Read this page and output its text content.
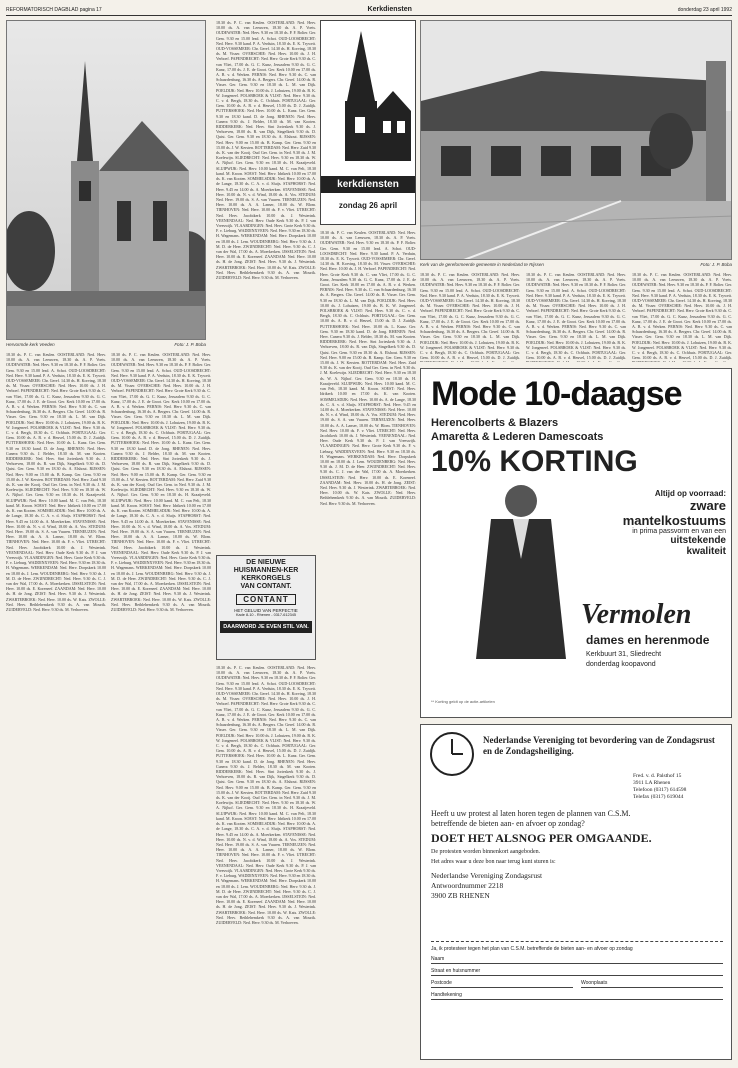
REFORMATORISCH DAGBLAD pagina 17	Kerkdiensten	donderdag 23 april 1992
Hervormde kerk Veeden	Foto: J. P. Boba

18.30 ds. P. C. van Keulen. OOSTERLAND: Ned. Herv. 10.00 ds. A. van Leeuwen, 18.30 ds. A. P. Voets. OUDEWATER: Ned. Herv. 9.30 en 18.30 ds. P. F. Bolier. Ger. Gem. 9.30 en 15.00 lezd. A. Schot. OUD-LOOSDRECHT: Ned. Herv. 9.30 kand. P. A. Verduin, 18.30 ds. E. K. Tryweit. OUD-VOSSEMEER: Chr. Geref. 14.30 ds. H. Korving, 18.30 ds. M. Visser. OVERSCHIE: Ned. Herv. 10.00 ds. J. H. Verboef. PAPENDRECHT: Ned. Herv. Grote Kerk 9.30 ds. C. van Vliet, 17.00 ds. G. C. Kunz, Jeruzalem 9.30 ds. G. C. Kunz, 17.00 ds. J. E. de Groot. Ger. Kerk 10.00 en 17.00 ds. A. B. v. d. Werken. PERNIS: Ned. Herv. 9.30 ds. C. van Schaardenburg, 16.30 ds. A. Bergers. Chr. Geref. 14.00 ds. R. Visser. Ger. Gem. 9.30 en 18.30 ds. L. M. van Dijk. POELDIJK: Ned. Herv. 10.00 ds. J. Lohuizen, 19.00 ds. B. K. W. Jongeneel. POLSBROEK & VLIST: Ned. Herv. 9.30 ds. C. v. d. Bergh, 18.30 ds. C. Ochhuis. PORTUGAAL: Ger. Gem. 10.00 ds. A. B. v. d. Heuvel, 15.00 ds. D. J. Zuidijk. PUTTERSHOEK: Ned. Herv. 10.00 ds. L. Kunz. Ger. Gem. 9.30 en 18.30 kand. D. de Jong. RHENEN: Ned. Herv. Cunera 9.30 ds. J. Belder, 18.30 ds. M. van Kooten. RIDDERKERK: Ned. Herv. Sint Jorieskerk 9.30 ds. J. Verhoeven, 18.00 ds. R. van Dijk, Singelkerk 9.30 ds. D. Quist. Ger. Gem. 9.30 en 18.30 ds. A. Elshout. RIJSSEN: Ned. Herv. 9.00 en 15.00 ds. B. Kamp. Ger. Gem. 9.30 en 15.00 ds. J. W. Kersten. ROTTERDAM: Ned. Herv. Zuid 9.30 ds. K. van der Kooij. Oud Ger. Gem. in Ned. 9.30 ds. J. M. Koelewijn. SLIEDRECHT: Ned. Herv. 9.30 en 18.30 ds. W. A. Nijhof. Ger. Gem. 9.30 en 18.30 ds. H. Kraaijeveld. SLUIPWIJK: Ned. Herv. 10.00 kand. M. C. van Pelt, 18.30 kand. M. Kroon. SOEST: Ned. Herv. Idrikerk 10.00 en 17.00 ds. K. van Kooten. SOMMELSDIJK: Ned. Herv. 10.00 ds. A. de Lange, 18.30 ds. C. A. v. d. Sluijs. STAPHORST: Ned. Herv. 9.45 en 14.00 ds. A. Moerkerken. STAVENISSE: Ned. Herv. 10.00 ds. N. v. d. Wind, 18.00 ds. A. Vos. STEDUM: Ned. Herv. 19.00 ds. S. A. van Vuuren. TERNEUZEN: Ned. Herv. 10.00 ds. A. A. Lanser, 18.00 ds. W. Blom. TIENHOVEN: Ned. Herv. 10.00 ds. F. v. Vliet. UTRECHT: Ned. Herv. Jacobikerk 10.00 ds. J. Westerink. VEENENDAAL: Ned. Herv. Oude Kerk 9.30 ds. P. J. van Vreeswijk. VLAARDINGEN: Ned. Herv. Grote Kerk 9.30 ds. F. v. Lieburg. WADDINXVEEN: Ned. Herv. 9.30 en 18.30 ds. H. Wagemans. WERKENDAM: Ned. Herv. Dorpskerk 10.00 en 18.00 ds. J. Lem. WOUDENBERG: Ned. Herv. 9.30 ds. J. M. D. de Heer. ZWIJNDRECHT: Ned. Herv. 9.30 ds. C. J. van der Wal, 17.00 ds. A. Moerkerken. IJSSELSTEIN: Ned. Herv. 10.00 ds. E. Koreneef. ZAANDAM: Ned. Herv. 10.00 ds. H. de Jong. ZEIST: Ned. Herv. 9.30 ds. J. Westerink. ZWARTEBROEK: Ned. Herv. 10.00 ds. W. Kats. ZWOLLE: Ned. Herv. Bethlehemkerk 9.30 ds. A. van Mourik. ZUIDERVELD: Ned. Herv. 9.30 ds. M. Verhoeven.

18.30 ds. P. C. van Keulen. OOSTERLAND: Ned. Herv. 10.00 ds. A. van Leeuwen, 18.30 ds. A. P. Voets. OUDEWATER: Ned. Herv. 9.30 en 18.30 ds. P. F. Bolier. Ger. Gem. 9.30 en 15.00 lezd. A. Schot. OUD-LOOSDRECHT: Ned. Herv. 9.30 kand. P. A. Verduin, 18.30 ds. E. K. Tryweit. OUD-VOSSEMEER: Chr. Geref. 14.30 ds. H. Korving, 18.30 ds. M. Visser. OVERSCHIE: Ned. Herv. 10.00 ds. J. H. Verboef. PAPENDRECHT: Ned. Herv. Grote Kerk 9.30 ds. C. van Vliet, 17.00 ds. G. C. Kunz, Jeruzalem 9.30 ds. G. C. Kunz, 17.00 ds. J. E. de Groot. Ger. Kerk 10.00 en 17.00 ds. A. B. v. d. Werken. PERNIS: Ned. Herv. 9.30 ds. C. van Schaardenburg, 16.30 ds. A. Bergers. Chr. Geref. 14.00 ds. R. Visser. Ger. Gem. 9.30 en 18.30 ds. L. M. van Dijk. POELDIJK: Ned. Herv. 10.00 ds. J. Lohuizen, 19.00 ds. B. K. W. Jongeneel. POLSBROEK & VLIST: Ned. Herv. 9.30 ds. C. v. d. Bergh, 18.30 ds. C. Ochhuis. PORTUGAAL: Ger. Gem. 10.00 ds. A. B. v. d. Heuvel, 15.00 ds. D. J. Zuidijk. PUTTERSHOEK: Ned. Herv. 10.00 ds. L. Kunz. Ger. Gem. 9.30 en 18.30 kand. D. de Jong. RHENEN: Ned. Herv. Cunera 9.30 ds. J. Belder, 18.30 ds. M. van Kooten. RIDDERKERK: Ned. Herv. Sint Jorieskerk 9.30 ds. J. Verhoeven, 18.00 ds. R. van Dijk, Singelkerk 9.30 ds. D. Quist. Ger. Gem. 9.30 en 18.30 ds. A. Elshout. RIJSSEN: Ned. Herv. 9.00 en 15.00 ds. B. Kamp. Ger. Gem. 9.30 en 15.00 ds. J. W. Kersten. ROTTERDAM: Ned. Herv. Zuid 9.30 ds. K. van der Kooij. Oud Ger. Gem. in Ned. 9.30 ds. J. M. Koelewijn. SLIEDRECHT: Ned. Herv. 9.30 en 18.30 ds. W. A. Nijhof. Ger. Gem. 9.30 en 18.30 ds. H. Kraaijeveld. SLUIPWIJK: Ned. Herv. 10.00 kand. M. C. van Pelt, 18.30 kand. M. Kroon. SOEST: Ned. Herv. Idrikerk 10.00 en 17.00 ds. K. van Kooten. SOMMELSDIJK: Ned. Herv. 10.00 ds. A. de Lange, 18.30 ds. C. A. v. d. Sluijs. STAPHORST: Ned. Herv. 9.45 en 14.00 ds. A. Moerkerken. STAVENISSE: Ned. Herv. 10.00 ds. N. v. d. Wind, 18.00 ds. A. Vos. STEDUM: Ned. Herv. 19.00 ds. S. A. van Vuuren. TERNEUZEN: Ned. Herv. 10.00 ds. A. A. Lanser, 18.00 ds. W. Blom. TIENHOVEN: Ned. Herv. 10.00 ds. F. v. Vliet. UTRECHT: Ned. Herv. Jacobikerk 10.00 ds. J. Westerink. VEENENDAAL: Ned. Herv. Oude Kerk 9.30 ds. P. J. van Vreeswijk. VLAARDINGEN: Ned. Herv. Grote Kerk 9.30 ds. F. v. Lieburg. WADDINXVEEN: Ned. Herv. 9.30 en 18.30 ds. H. Wagemans. WERKENDAM: Ned. Herv. Dorpskerk 10.00 en 18.00 ds. J. Lem. WOUDENBERG: Ned. Herv. 9.30 ds. J. M. D. de Heer. ZWIJNDRECHT: Ned. Herv. 9.30 ds. C. J. van der Wal, 17.00 ds. A. Moerkerken. IJSSELSTEIN: Ned. Herv. 10.00 ds. E. Koreneef. ZAANDAM: Ned. Herv. 10.00 ds. H. de Jong. ZEIST: Ned. Herv. 9.30 ds. J. Westerink. ZWARTEBROEK: Ned. Herv. 10.00 ds. W. Kats. ZWOLLE: Ned. Herv. Bethlehemkerk 9.30 ds. A. van Mourik. ZUIDERVELD: Ned. Herv. 9.30 ds. M. Verhoeven.

18.30 ds. P. C. van Keulen. OOSTERLAND: Ned. Herv. 10.00 ds. A. van Leeuwen, 18.30 ds. A. P. Voets. OUDEWATER: Ned. Herv. 9.30 en 18.30 ds. P. F. Bolier. Ger. Gem. 9.30 en 15.00 lezd. A. Schot. OUD-LOOSDRECHT: Ned. Herv. 9.30 kand. P. A. Verduin, 18.30 ds. E. K. Tryweit. OUD-VOSSEMEER: Chr. Geref. 14.30 ds. H. Korving, 18.30 ds. M. Visser. OVERSCHIE: Ned. Herv. 10.00 ds. J. H. Verboef. PAPENDRECHT: Ned. Herv. Grote Kerk 9.30 ds. C. van Vliet, 17.00 ds. G. C. Kunz, Jeruzalem 9.30 ds. G. C. Kunz, 17.00 ds. J. E. de Groot. Ger. Kerk 10.00 en 17.00 ds. A. B. v. d. Werken. PERNIS: Ned. Herv. 9.30 ds. C. van Schaardenburg, 16.30 ds. A. Bergers. Chr. Geref. 14.00 ds. R. Visser. Ger. Gem. 9.30 en 18.30 ds. L. M. van Dijk. POELDIJK: Ned. Herv. 10.00 ds. J. Lohuizen, 19.00 ds. B. K. W. Jongeneel. POLSBROEK & VLIST: Ned. Herv. 9.30 ds. C. v. d. Bergh, 18.30 ds. C. Ochhuis. PORTUGAAL: Ger. Gem. 10.00 ds. A. B. v. d. Heuvel, 15.00 ds. D. J. Zuidijk. PUTTERSHOEK: Ned. Herv. 10.00 ds. L. Kunz. Ger. Gem. 9.30 en 18.30 kand. D. de Jong. RHENEN: Ned. Herv. Cunera 9.30 ds. J. Belder, 18.30 ds. M. van Kooten. RIDDERKERK: Ned. Herv. Sint Jorieskerk 9.30 ds. J. Verhoeven, 18.00 ds. R. van Dijk, Singelkerk 9.30 ds. D. Quist. Ger. Gem. 9.30 en 18.30 ds. A. Elshout. RIJSSEN: Ned. Herv. 9.00 en 15.00 ds. B. Kamp. Ger. Gem. 9.30 en 15.00 ds. J. W. Kersten. ROTTERDAM: Ned. Herv. Zuid 9.30 ds. K. van der Kooij. Oud Ger. Gem. in Ned. 9.30 ds. J. M. Koelewijn. SLIEDRECHT: Ned. Herv. 9.30 en 18.30 ds. W. A. Nijhof. Ger. Gem. 9.30 en 18.30 ds. H. Kraaijeveld. SLUIPWIJK: Ned. Herv. 10.00 kand. M. C. van Pelt, 18.30 kand. M. Kroon. SOEST: Ned. Herv. Idrikerk 10.00 en 17.00 ds. K. van Kooten. SOMMELSDIJK: Ned. Herv. 10.00 ds. A. de Lange, 18.30 ds. C. A. v. d. Sluijs. STAPHORST: Ned. Herv. 9.45 en 14.00 ds. A. Moerkerken. STAVENISSE: Ned. Herv. 10.00 ds. N. v. d. Wind, 18.00 ds. A. Vos. STEDUM: Ned. Herv. 19.00 ds. S. A. van Vuuren. TERNEUZEN: Ned. Herv. 10.00 ds. A. A. Lanser, 18.00 ds. W. Blom. TIENHOVEN: Ned. Herv. 10.00 ds. F. v. Vliet. UTRECHT: Ned. Herv. Jacobikerk 10.00 ds. J. Westerink. VEENENDAAL: Ned. Herv. Oude Kerk 9.30 ds. P. J. van Vreeswijk. VLAARDINGEN: Ned. Herv. Grote Kerk 9.30 ds. F. v. Lieburg. WADDINXVEEN: Ned. Herv. 9.30 en 18.30 ds. H. Wagemans. WERKENDAM: Ned. Herv. Dorpskerk 10.00 en 18.00 ds. J. Lem. WOUDENBERG: Ned. Herv. 9.30 ds. J. M. D. de Heer. ZWIJNDRECHT: Ned. Herv. 9.30 ds. C. J. van der Wal, 17.00 ds. A. Moerkerken. IJSSELSTEIN: Ned. Herv. 10.00 ds. E. Koreneef. ZAANDAM: Ned. Herv. 10.00 ds. H. de Jong. ZEIST: Ned. Herv. 9.30 ds. J. Westerink. ZWARTEBROEK: Ned. Herv. 10.00 ds. W. Kats. ZWOLLE: Ned. Herv. Bethlehemkerk 9.30 ds. A. van Mourik. ZUIDERVELD: Ned. Herv. 9.30 ds. M. Verhoeven.

DE NIEUWE
HUISMANNEN-KER
KERKORGELS
VAN CONTANT.
CONTANT
HET GELUID VAN PERFECTIE
Kade 8-10 - Rhenen - 0317-612345
DAARWORD JE EVEN STIL VAN.

18.30 ds. P. C. van Keulen. OOSTERLAND: Ned. Herv. 10.00 ds. A. van Leeuwen, 18.30 ds. A. P. Voets. OUDEWATER: Ned. Herv. 9.30 en 18.30 ds. P. F. Bolier. Ger. Gem. 9.30 en 15.00 lezd. A. Schot. OUD-LOOSDRECHT: Ned. Herv. 9.30 kand. P. A. Verduin, 18.30 ds. E. K. Tryweit. OUD-VOSSEMEER: Chr. Geref. 14.30 ds. H. Korving, 18.30 ds. M. Visser. OVERSCHIE: Ned. Herv. 10.00 ds. J. H. Verboef. PAPENDRECHT: Ned. Herv. Grote Kerk 9.30 ds. C. van Vliet, 17.00 ds. G. C. Kunz, Jeruzalem 9.30 ds. G. C. Kunz, 17.00 ds. J. E. de Groot. Ger. Kerk 10.00 en 17.00 ds. A. B. v. d. Werken. PERNIS: Ned. Herv. 9.30 ds. C. van Schaardenburg, 16.30 ds. A. Bergers. Chr. Geref. 14.00 ds. R. Visser. Ger. Gem. 9.30 en 18.30 ds. L. M. van Dijk. POELDIJK: Ned. Herv. 10.00 ds. J. Lohuizen, 19.00 ds. B. K. W. Jongeneel. POLSBROEK & VLIST: Ned. Herv. 9.30 ds. C. v. d. Bergh, 18.30 ds. C. Ochhuis. PORTUGAAL: Ger. Gem. 10.00 ds. A. B. v. d. Heuvel, 15.00 ds. D. J. Zuidijk. PUTTERSHOEK: Ned. Herv. 10.00 ds. L. Kunz. Ger. Gem. 9.30 en 18.30 kand. D. de Jong. RHENEN: Ned. Herv. Cunera 9.30 ds. J. Belder, 18.30 ds. M. van Kooten. RIDDERKERK: Ned. Herv. Sint Jorieskerk 9.30 ds. J. Verhoeven, 18.00 ds. R. van Dijk, Singelkerk 9.30 ds. D. Quist. Ger. Gem. 9.30 en 18.30 ds. A. Elshout. RIJSSEN: Ned. Herv. 9.00 en 15.00 ds. B. Kamp. Ger. Gem. 9.30 en 15.00 ds. J. W. Kersten. ROTTERDAM: Ned. Herv. Zuid 9.30 ds. K. van der Kooij. Oud Ger. Gem. in Ned. 9.30 ds. J. M. Koelewijn. SLIEDRECHT: Ned. Herv. 9.30 en 18.30 ds. W. A. Nijhof. Ger. Gem. 9.30 en 18.30 ds. H. Kraaijeveld. SLUIPWIJK: Ned. Herv. 10.00 kand. M. C. van Pelt, 18.30 kand. M. Kroon. SOEST: Ned. Herv. Idrikerk 10.00 en 17.00 ds. K. van Kooten. SOMMELSDIJK: Ned. Herv. 10.00 ds. A. de Lange, 18.30 ds. C. A. v. d. Sluijs. STAPHORST: Ned. Herv. 9.45 en 14.00 ds. A. Moerkerken. STAVENISSE: Ned. Herv. 10.00 ds. N. v. d. Wind, 18.00 ds. A. Vos. STEDUM: Ned. Herv. 19.00 ds. S. A. van Vuuren. TERNEUZEN: Ned. Herv. 10.00 ds. A. A. Lanser, 18.00 ds. W. Blom. TIENHOVEN: Ned. Herv. 10.00 ds. F. v. Vliet. UTRECHT: Ned. Herv. Jacobikerk 10.00 ds. J. Westerink. VEENENDAAL: Ned. Herv. Oude Kerk 9.30 ds. P. J. van Vreeswijk. VLAARDINGEN: Ned. Herv. Grote Kerk 9.30 ds. F. v. Lieburg. WADDINXVEEN: Ned. Herv. 9.30 en 18.30 ds. H. Wagemans. WERKENDAM: Ned. Herv. Dorpskerk 10.00 en 18.00 ds. J. Lem. WOUDENBERG: Ned. Herv. 9.30 ds. J. M. D. de Heer. ZWIJNDRECHT: Ned. Herv. 9.30 ds. C. J. van der Wal, 17.00 ds. A. Moerkerken. IJSSELSTEIN: Ned. Herv. 10.00 ds. E. Koreneef. ZAANDAM: Ned. Herv. 10.00 ds. H. de Jong. ZEIST: Ned. Herv. 9.30 ds. J. Westerink. ZWARTEBROEK: Ned. Herv. 10.00 ds. W. Kats. ZWOLLE: Ned. Herv. Bethlehemkerk 9.30 ds. A. van Mourik. ZUIDERVELD: Ned. Herv. 9.30 ds. M. Verhoeven.

kerkdiensten
zondag 26 april

18.30 ds. P. C. van Keulen. OOSTERLAND: Ned. Herv. 10.00 ds. A. van Leeuwen, 18.30 ds. A. P. Voets. OUDEWATER: Ned. Herv. 9.30 en 18.30 ds. P. F. Bolier. Ger. Gem. 9.30 en 15.00 lezd. A. Schot. OUD-LOOSDRECHT: Ned. Herv. 9.30 kand. P. A. Verduin, 18.30 ds. E. K. Tryweit. OUD-VOSSEMEER: Chr. Geref. 14.30 ds. H. Korving, 18.30 ds. M. Visser. OVERSCHIE: Ned. Herv. 10.00 ds. J. H. Verboef. PAPENDRECHT: Ned. Herv. Grote Kerk 9.30 ds. C. van Vliet, 17.00 ds. G. C. Kunz, Jeruzalem 9.30 ds. G. C. Kunz, 17.00 ds. J. E. de Groot. Ger. Kerk 10.00 en 17.00 ds. A. B. v. d. Werken. PERNIS: Ned. Herv. 9.30 ds. C. van Schaardenburg, 16.30 ds. A. Bergers. Chr. Geref. 14.00 ds. R. Visser. Ger. Gem. 9.30 en 18.30 ds. L. M. van Dijk. POELDIJK: Ned. Herv. 10.00 ds. J. Lohuizen, 19.00 ds. B. K. W. Jongeneel. POLSBROEK & VLIST: Ned. Herv. 9.30 ds. C. v. d. Bergh, 18.30 ds. C. Ochhuis. PORTUGAAL: Ger. Gem. 10.00 ds. A. B. v. d. Heuvel, 15.00 ds. D. J. Zuidijk. PUTTERSHOEK: Ned. Herv. 10.00 ds. L. Kunz. Ger. Gem. 9.30 en 18.30 kand. D. de Jong. RHENEN: Ned. Herv. Cunera 9.30 ds. J. Belder, 18.30 ds. M. van Kooten. RIDDERKERK: Ned. Herv. Sint Jorieskerk 9.30 ds. J. Verhoeven, 18.00 ds. R. van Dijk, Singelkerk 9.30 ds. D. Quist. Ger. Gem. 9.30 en 18.30 ds. A. Elshout. RIJSSEN: Ned. Herv. 9.00 en 15.00 ds. B. Kamp. Ger. Gem. 9.30 en 15.00 ds. J. W. Kersten. ROTTERDAM: Ned. Herv. Zuid 9.30 ds. K. van der Kooij. Oud Ger. Gem. in Ned. 9.30 ds. J. M. Koelewijn. SLIEDRECHT: Ned. Herv. 9.30 en 18.30 ds. W. A. Nijhof. Ger. Gem. 9.30 en 18.30 ds. H. Kraaijeveld. SLUIPWIJK: Ned. Herv. 10.00 kand. M. C. van Pelt, 18.30 kand. M. Kroon. SOEST: Ned. Herv. Idrikerk 10.00 en 17.00 ds. K. van Kooten. SOMMELSDIJK: Ned. Herv. 10.00 ds. A. de Lange, 18.30 ds. C. A. v. d. Sluijs. STAPHORST: Ned. Herv. 9.45 en 14.00 ds. A. Moerkerken. STAVENISSE: Ned. Herv. 10.00 ds. N. v. d. Wind, 18.00 ds. A. Vos. STEDUM: Ned. Herv. 19.00 ds. S. A. van Vuuren. TERNEUZEN: Ned. Herv. 10.00 ds. A. A. Lanser, 18.00 ds. W. Blom. TIENHOVEN: Ned. Herv. 10.00 ds. F. v. Vliet. UTRECHT: Ned. Herv. Jacobikerk 10.00 ds. J. Westerink. VEENENDAAL: Ned. Herv. Oude Kerk 9.30 ds. P. J. van Vreeswijk. VLAARDINGEN: Ned. Herv. Grote Kerk 9.30 ds. F. v. Lieburg. WADDINXVEEN: Ned. Herv. 9.30 en 18.30 ds. H. Wagemans. WERKENDAM: Ned. Herv. Dorpskerk 10.00 en 18.00 ds. J. Lem. WOUDENBERG: Ned. Herv. 9.30 ds. J. M. D. de Heer. ZWIJNDRECHT: Ned. Herv. 9.30 ds. C. J. van der Wal, 17.00 ds. A. Moerkerken. IJSSELSTEIN: Ned. Herv. 10.00 ds. E. Koreneef. ZAANDAM: Ned. Herv. 10.00 ds. H. de Jong. ZEIST: Ned. Herv. 9.30 ds. J. Westerink. ZWARTEBROEK: Ned. Herv. 10.00 ds. W. Kats. ZWOLLE: Ned. Herv. Bethlehemkerk 9.30 ds. A. van Mourik. ZUIDERVELD: Ned. Herv. 9.30 ds. M. Verhoeven.

Kerk van de gereformeerde gemeente in Nederland te Rijssen	Foto: J. P. Boba

18.30 ds. P. C. van Keulen. OOSTERLAND: Ned. Herv. 10.00 ds. A. van Leeuwen, 18.30 ds. A. P. Voets. OUDEWATER: Ned. Herv. 9.30 en 18.30 ds. P. F. Bolier. Ger. Gem. 9.30 en 15.00 lezd. A. Schot. OUD-LOOSDRECHT: Ned. Herv. 9.30 kand. P. A. Verduin, 18.30 ds. E. K. Tryweit. OUD-VOSSEMEER: Chr. Geref. 14.30 ds. H. Korving, 18.30 ds. M. Visser. OVERSCHIE: Ned. Herv. 10.00 ds. J. H. Verboef. PAPENDRECHT: Ned. Herv. Grote Kerk 9.30 ds. C. van Vliet, 17.00 ds. G. C. Kunz, Jeruzalem 9.30 ds. G. C. Kunz, 17.00 ds. J. E. de Groot. Ger. Kerk 10.00 en 17.00 ds. A. B. v. d. Werken. PERNIS: Ned. Herv. 9.30 ds. C. van Schaardenburg, 16.30 ds. A. Bergers. Chr. Geref. 14.00 ds. R. Visser. Ger. Gem. 9.30 en 18.30 ds. L. M. van Dijk. POELDIJK: Ned. Herv. 10.00 ds. J. Lohuizen, 19.00 ds. B. K. W. Jongeneel. POLSBROEK & VLIST: Ned. Herv. 9.30 ds. C. v. d. Bergh, 18.30 ds. C. Ochhuis. PORTUGAAL: Ger. Gem. 10.00 ds. A. B. v. d. Heuvel, 15.00 ds. D. J. Zuidijk.

18.30 ds. P. C. van Keulen. OOSTERLAND: Ned. Herv. 10.00 ds. A. van Leeuwen, 18.30 ds. A. P. Voets. OUDEWATER: Ned. Herv. 9.30 en 18.30 ds. P. F. Bolier. Ger. Gem. 9.30 en 15.00 lezd. A. Schot. OUD-LOOSDRECHT: Ned. Herv. 9.30 kand. P. A. Verduin, 18.30 ds. E. K. Tryweit. OUD-VOSSEMEER: Chr. Geref. 14.30 ds. H. Korving, 18.30 ds. M. Visser. OVERSCHIE: Ned. Herv. 10.00 ds. J. H. Verboef. PAPENDRECHT: Ned. Herv. Grote Kerk 9.30 ds. C. van Vliet, 17.00 ds. G. C. Kunz, Jeruzalem 9.30 ds. G. C. Kunz, 17.00 ds. J. E. de Groot. Ger. Kerk 10.00 en 17.00 ds. A. B. v. d. Werken. PERNIS: Ned. Herv. 9.30 ds. C. van Schaardenburg, 16.30 ds. A. Bergers. Chr. Geref. 14.00 ds. R. Visser. Ger. Gem. 9.30 en 18.30 ds. L. M. van Dijk. POELDIJK: Ned. Herv. 10.00 ds. J. Lohuizen, 19.00 ds. B. K. W. Jongeneel. POLSBROEK & VLIST: Ned. Herv. 9.30 ds. C. v. d. Bergh, 18.30 ds. C. Ochhuis. PORTUGAAL: Ger. Gem. 10.00 ds. A. B. v. d. Heuvel, 15.00 ds. D. J. Zuidijk.

18.30 ds. P. C. van Keulen. OOSTERLAND: Ned. Herv. 10.00 ds. A. van Leeuwen, 18.30 ds. A. P. Voets. OUDEWATER: Ned. Herv. 9.30 en 18.30 ds. P. F. Bolier. Ger. Gem. 9.30 en 15.00 lezd. A. Schot. OUD-LOOSDRECHT: Ned. Herv. 9.30 kand. P. A. Verduin, 18.30 ds. E. K. Tryweit. OUD-VOSSEMEER: Chr. Geref. 14.30 ds. H. Korving, 18.30 ds. M. Visser. OVERSCHIE: Ned. Herv. 10.00 ds. J. H. Verboef. PAPENDRECHT: Ned. Herv. Grote Kerk 9.30 ds. C. van Vliet, 17.00 ds. G. C. Kunz, Jeruzalem 9.30 ds. G. C. Kunz, 17.00 ds. J. E. de Groot. Ger. Kerk 10.00 en 17.00 ds. A. B. v. d. Werken. PERNIS: Ned. Herv. 9.30 ds. C. van Schaardenburg, 16.30 ds. A. Bergers. Chr. Geref. 14.00 ds. R. Visser. Ger. Gem. 9.30 en 18.30 ds. L. M. van Dijk. POELDIJK: Ned. Herv. 10.00 ds. J. Lohuizen, 19.00 ds. B. K. W. Jongeneel. POLSBROEK & VLIST: Ned. Herv. 9.30 ds. C. v. d. Bergh, 18.30 ds. C. Ochhuis. PORTUGAAL: Ger. Gem. 10.00 ds. A. B. v. d. Heuvel, 15.00 ds. D. J. Zuidijk.

Mode 10-daagse
Herencolberts & Blazers
Amaretta & Lederen Damescoats
10% KORTING
Altijd op voorraad:
zware mantelkostuums
in prima passvorm en van een
uitstekende
kwaliteit
Vermolen
dames en herenmode
Kerkbuurt 31, Sliedrecht
donderdag koopavond
** Korting geldt op de actie-artikelen
Nederlandse Vereniging tot bevordering van de Zondagsrust en de Zondagsheiliging.
Fred. v. d. Palsthof 15
3911 LA Rhenen
Telefoon (0317) 614598
Telefax (0317) 619044
Heeft u uw protest al laten horen tegen de plannen van C.S.M.
betreffende de bieten aan- en afvoer op zondag?
DOET HET ALSNOG PER OMGAANDE.
De protesten worden binnenkort aangeboden.
Het adres waar u deze bon naar terug kunt sturen is:
Nederlandse Vereniging Zondagsrust
Antwoordnummer 2218
3900 ZB RHENEN
Ja, ik protesteer tegen het plan van C.S.M. betreffende de bieten aan- en afvoer op zondag
Naam
Straat en huisnummer
Postcode	Woonplaats
Handtekening
